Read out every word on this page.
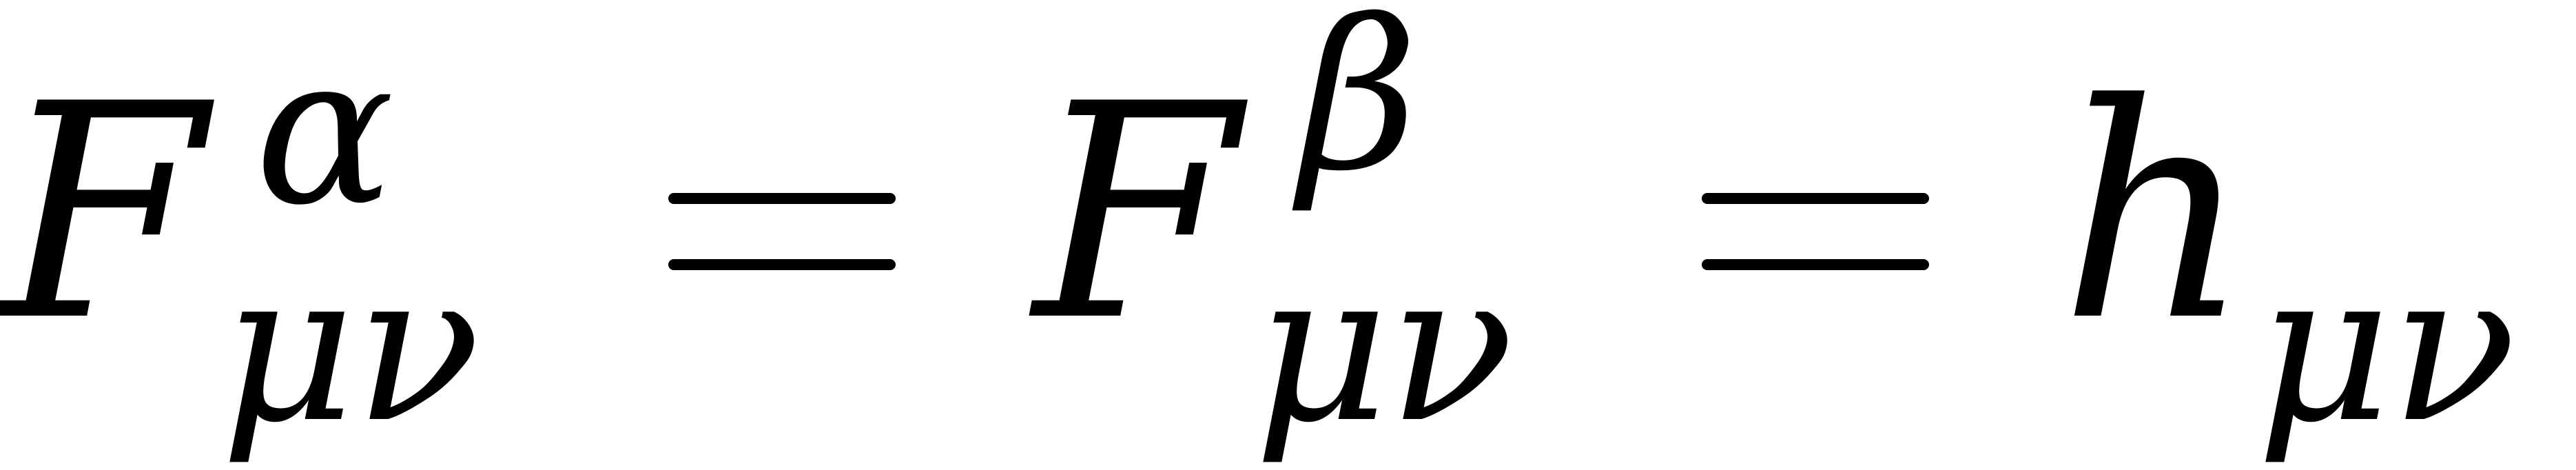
F α
μν F β
μν h μν
